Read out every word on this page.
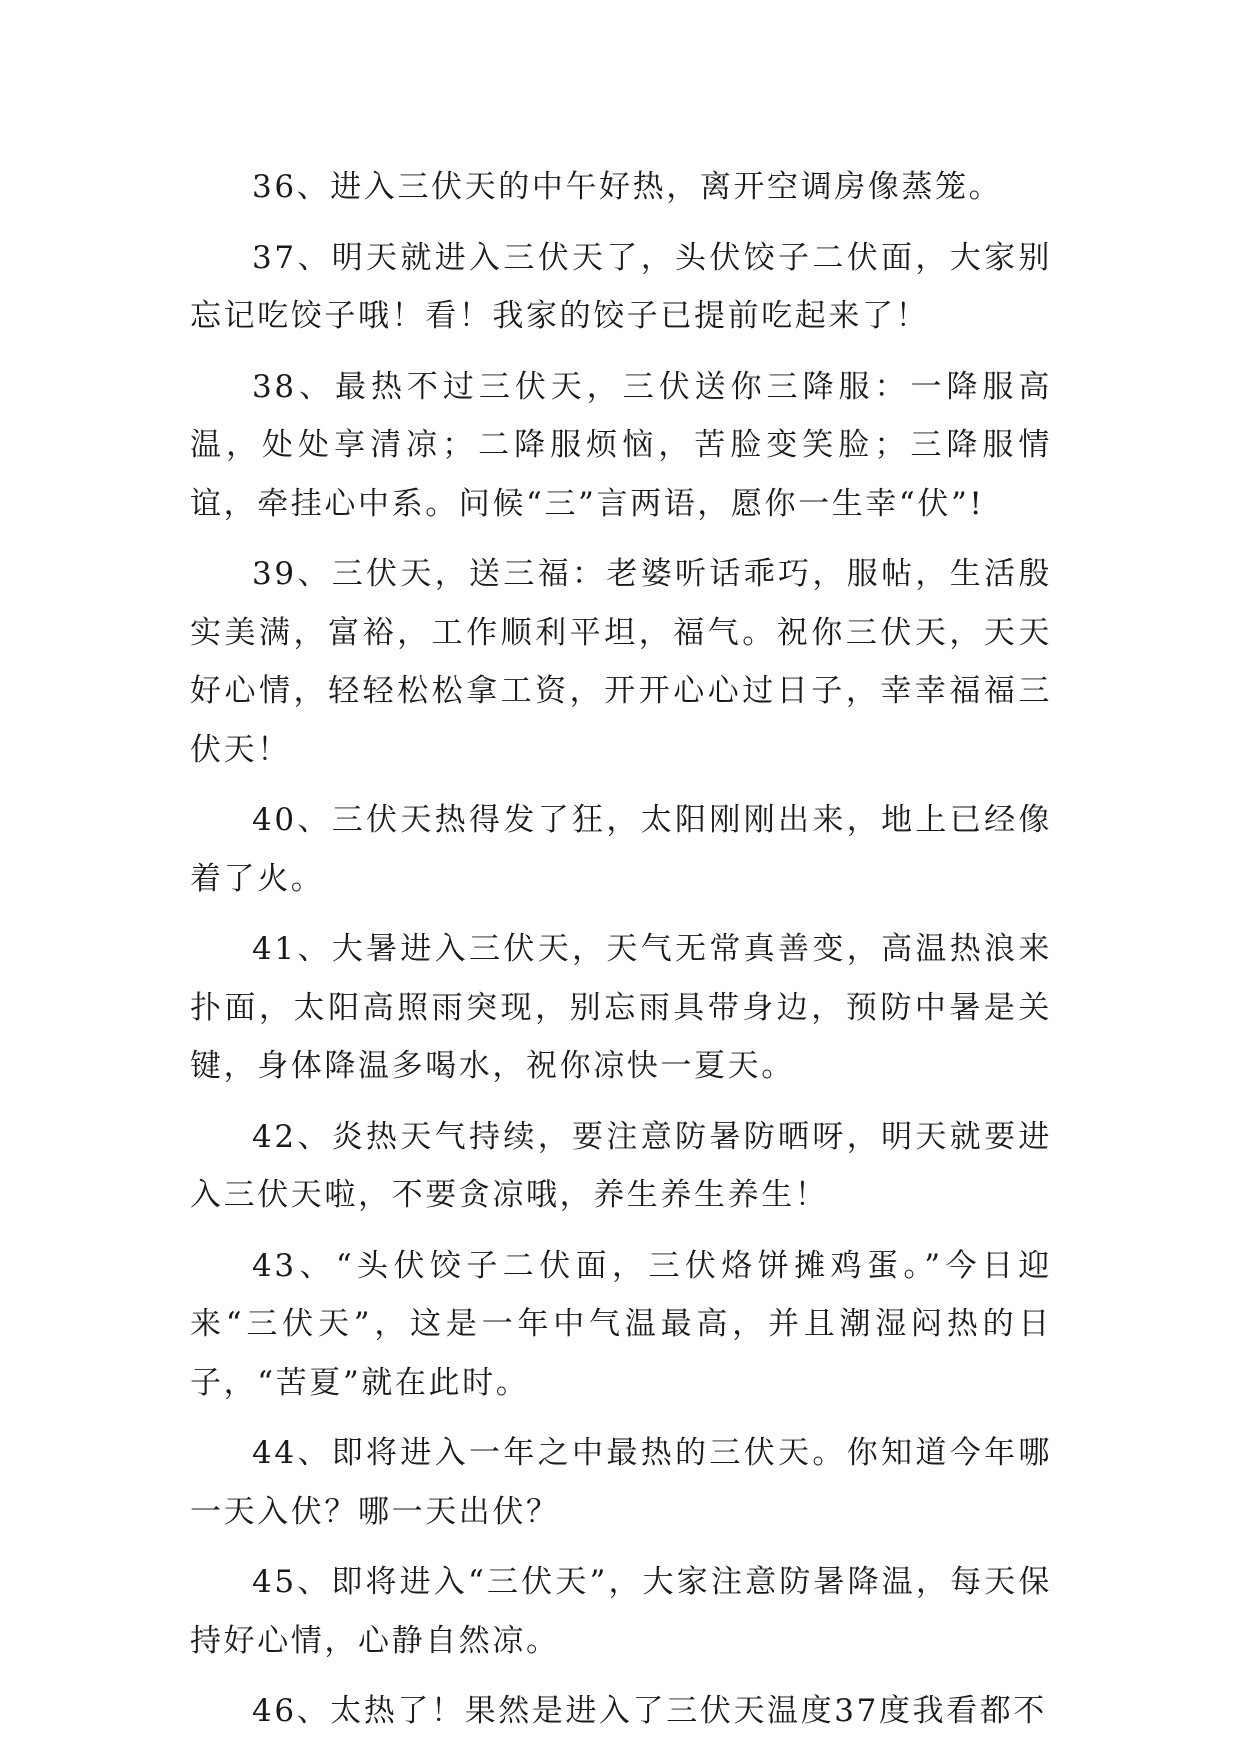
36、进入三伏天的中午好热，离开空调房像蒸笼。

37、明天就进入三伏天了，头伏饺子二伏面，大家别忘记吃饺子哦！看！我家的饺子已提前吃起来了！

38、最热不过三伏天，三伏送你三降服：一降服高温，处处享清凉；二降服烦恼，苦脸变笑脸；三降服情谊，牵挂心中系。问候“三”言两语，愿你一生幸“伏”!

39、三伏天，送三福：老婆听话乖巧，服帖，生活殷实美满，富裕，工作顺利平坦，福气。祝你三伏天，天天好心情，轻轻松松拿工资，开开心心过日子，幸幸福福三伏天！

40、三伏天热得发了狂，太阳刚刚出来，地上已经像着了火。

41、大暑进入三伏天，天气无常真善变，高温热浪来扑面，太阳高照雨突现，别忘雨具带身边，预防中暑是关键，身体降温多喝水，祝你凉快一夏天。

42、炎热天气持续，要注意防暑防晒呀，明天就要进入三伏天啦，不要贪凉哦，养生养生养生！

43、“头伏饺子二伏面，三伏烙饼摊鸡蛋。”今日迎来“三伏天”，这是一年中气温最高，并且潮湿闷热的日子，“苦夏”就在此时。

44、即将进入一年之中最热的三伏天。你知道今年哪一天入伏？哪一天出伏？

45、即将进入“三伏天”，大家注意防暑降温，每天保持好心情，心静自然凉。

46、太热了！果然是进入了三伏天温度37度我看都不
